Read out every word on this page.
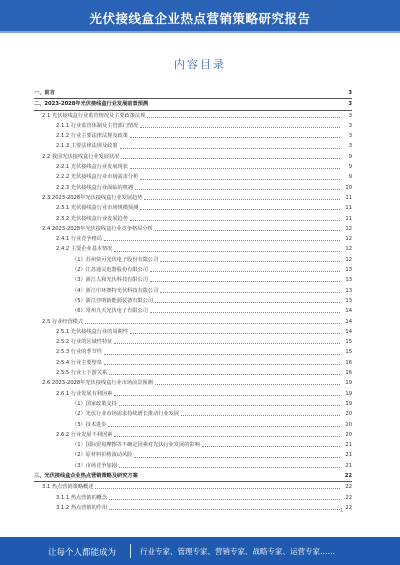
光伏接线盒企业热点营销策略研究报告
内容目录
一、前言	3
二、2023-2028年光伏接线盒行业发展前景预测	3
2.1 光伏接线盒行业监管情况及主要政策法规	3
2.1.1 行业监管体制及主管部门情况	3
2.1.2 行业主要法律法规及政策	3
2.1.3 主要法律法规及政策	3
2.2 我国光伏接线盒行业发展状况	9
2.2.1 光伏接线盒行业发展现状	9
2.2.2 光伏接线盒行业市场需求分析	9
2.2.3 光伏接线盒行业面临的机遇	10
2.3 2023-2028年光伏接线盒行业发展趋势	11
2.3.1 光伏接线盒行业市场规模预测	11
2.3.2 光伏接线盒行业发展趋势	11
2.4 2023-2028年光伏接线盒行业竞争格局分析	12
2.4.1 行业竞争格局	12
2.4.2 主要企业基本情况	12
（1）苏州快可光伏电子股份有限公司	12
（2）江苏通灵电器股份有限公司	13
（3）浙江人和光伏科技有限公司	13
（4）浙江中环赛特光伏科技有限公司	13
（5）浙江佳明新能源装备有限公司	13
（6）常州九天光伏电子有限公司	14
2.5 行业经营模式	14
2.5.1 光伏接线盒行业的周期性	14
2.5.2 行业的区域性特征	15
2.5.3 行业的季节性	15
2.5.4 行业主要壁垒	16
2.5.5 行业上下游关系	16
2.6 2023-2028年光伏接线盒行业市场前景预测	19
2.6.1 行业发展有利因素	19
（1）国家政策支持	19
（2）光伏行业市场需求持续增长推动行业发展	20
（3）技术进步	20
2.6.2 行业发展不利因素	20
（1）国际贸易摩擦等不确定因素对光伏行业发展的影响	21
（2）原材料价格波动风险	21
（3）市场竞争加剧	21
三、光伏接线盒企业热点营销策略及研究方案	22
3.1 热点营销策略概述	22
3.1.1 热点营销的概念	22
3.1.2 热点营销的作用	22
1
让每个人都能成为	行业专家、管理专家、营销专家、战略专家、运营专家……
